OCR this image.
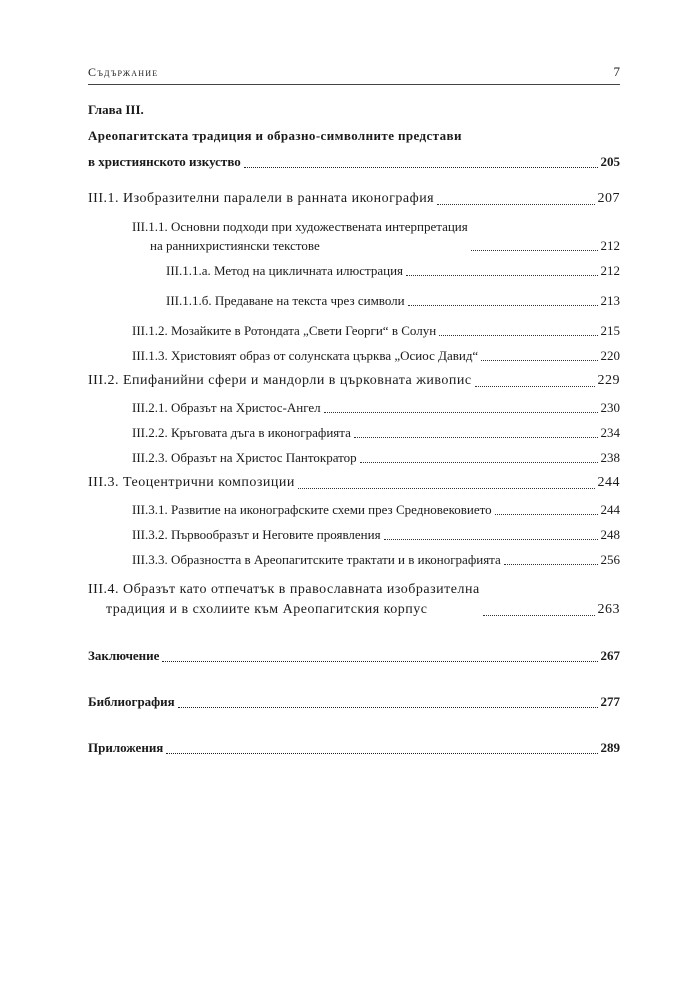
Съдържание	7
Глава III.
Ареопагитската традиция и образно-символните представи
в християнското изкуство	205
III.1. Изобразителни паралели в ранната иконография	207
III.1.1. Основни подходи при художествената интерпретация
на раннихристиянски текстове	212
III.1.1.а. Метод на цикличната илюстрация	212
III.1.1.б. Предаване на текста чрез символи	213
III.1.2. Мозайките в Ротондата „Свети Георги“ в Солун	215
III.1.3. Христовият образ от солунската църква „Осиос Давид“	220
III.2. Епифанийни сфери и мандорли в църковната живопис	229
III.2.1. Образът на Христос-Ангел	230
III.2.2. Кръговата дъга в иконографията	234
III.2.3. Образът на Христос Пантократор	238
III.3. Теоцентрични композиции	244
III.3.1. Развитие на иконографските схеми през Средновековието	244
III.3.2. Първообразът и Неговите проявления	248
III.3.3. Образността в Ареопагитските трактати и в иконографията	256
III.4. Образът като отпечатък в православната изобразителна
традиция и в схолиите към Ареопагитския корпус	263
Заключение	267
Библиография	277
Приложения	289
